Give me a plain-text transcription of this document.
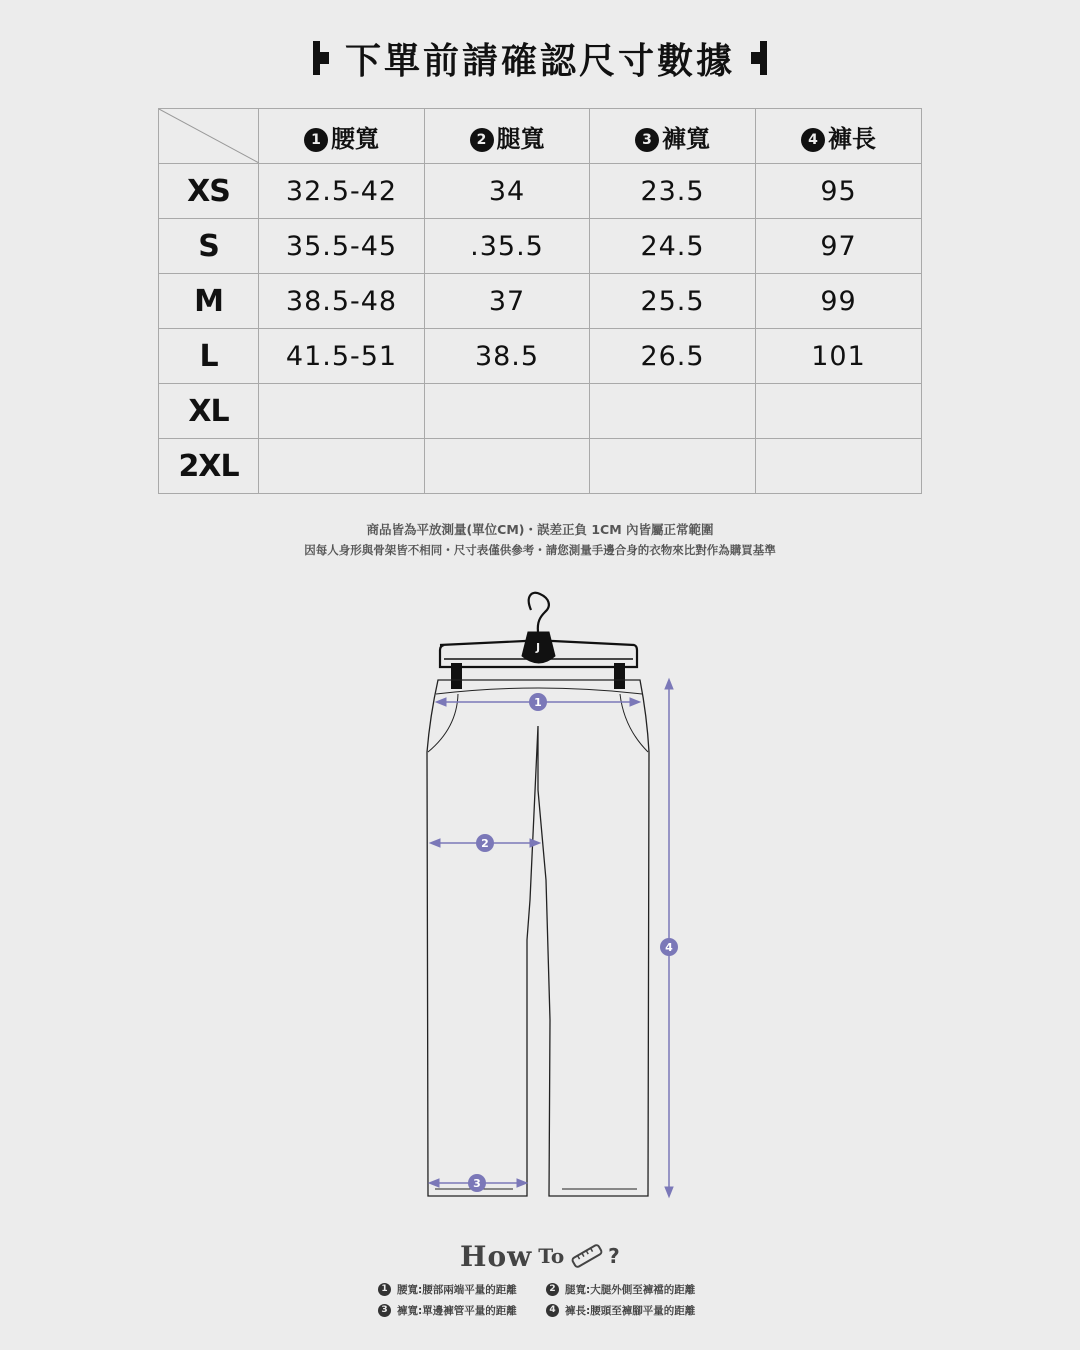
下單前請確認尺寸數據
	1 腰寬	2 腿寬	3 褲寬	4 褲長
XS	32.5-42	34	23.5	95
S	35.5-45	.35.5	24.5	97
M	38.5-48	37	25.5	99
L	41.5-51	38.5	26.5	101
XL				
2XL				
商品皆為平放測量(單位CM)・誤差正負 1CM 內皆屬正常範圍
因每人身形與骨架皆不相同・尺寸表僅供參考・請您測量手邊合身的衣物來比對作為購買基準
J
1
2
3
4
How To ?
1 腰寬:腰部兩端平量的距離	2 腿寬:大腿外側至褲襠的距離
3 褲寬:單邊褲管平量的距離	4 褲長:腰頭至褲腳平量的距離
